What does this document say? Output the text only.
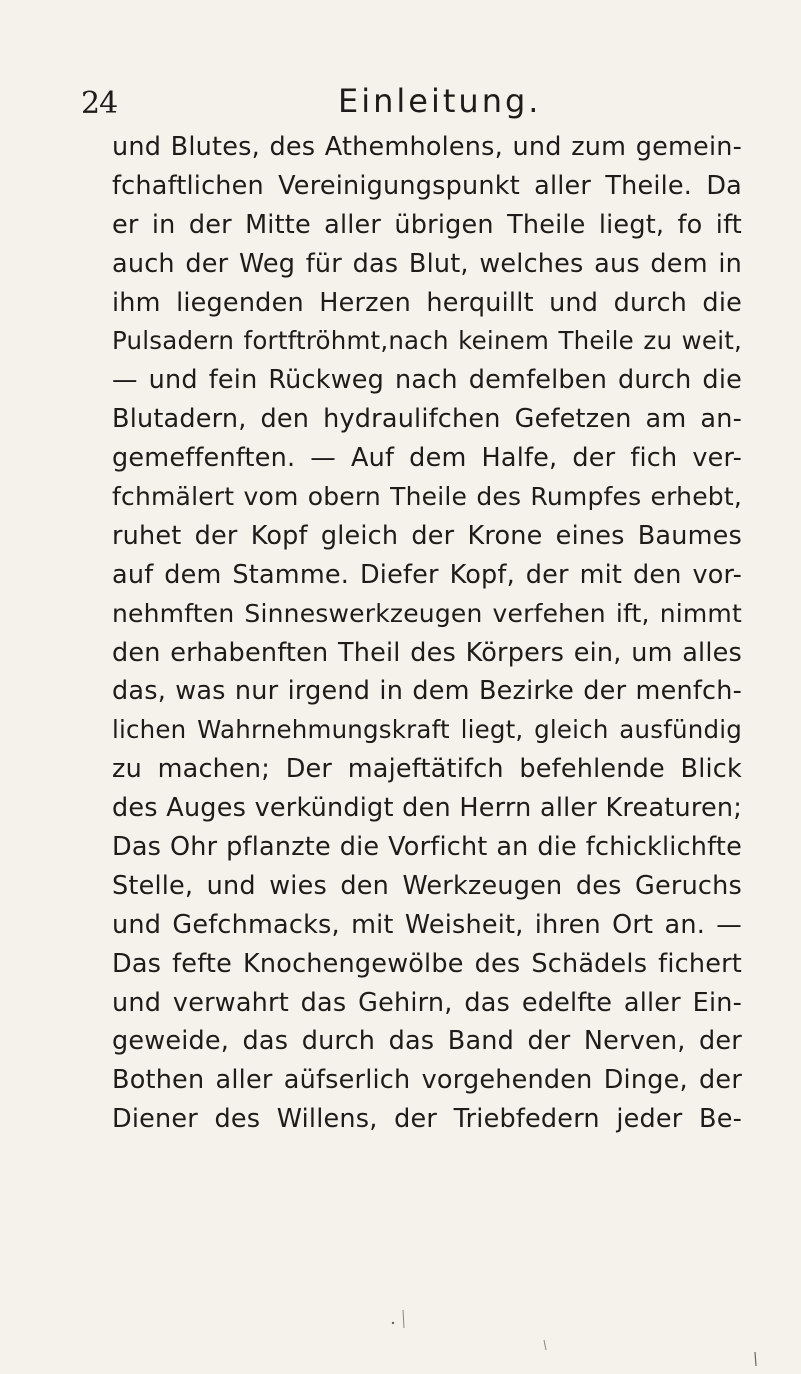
24	Einleitung.
und Blutes, des Athemholens, und zum gemein-
fchaftlichen Vereinigungspunkt aller Theile. Da
er in der Mitte aller übrigen Theile liegt, fo ift
auch der Weg für das Blut, welches aus dem in
ihm liegenden Herzen herquillt und durch die
Pulsadern fortftröhmt,nach keinem Theile zu weit,
— und fein Rückweg nach demfelben durch die
Blutadern, den hydraulifchen Gefetzen am an-
gemeffenften. — Auf dem Halfe, der fich ver-
fchmälert vom obern Theile des Rumpfes erhebt,
ruhet der Kopf gleich der Krone eines Baumes
auf dem Stamme. Diefer Kopf, der mit den vor-
nehmften Sinneswerkzeugen verfehen ift, nimmt
den erhabenften Theil des Körpers ein, um alles
das, was nur irgend in dem Bezirke der menfch-
lichen Wahrnehmungskraft liegt, gleich ausfündig
zu machen; Der majeftätifch befehlende Blick
des Auges verkündigt den Herrn aller Kreaturen;
Das Ohr pflanzte die Vorficht an die fchicklichfte
Stelle, und wies den Werkzeugen des Geruchs
und Gefchmacks, mit Weisheit, ihren Ort an. —
Das fefte Knochengewölbe des Schädels fichert
und verwahrt das Gehirn, das edelfte aller Ein-
geweide, das durch das Band der Nerven, der
Bothen aller aüfserlich vorgehenden Dinge, der
Diener des Willens, der Triebfedern jeder Be-
